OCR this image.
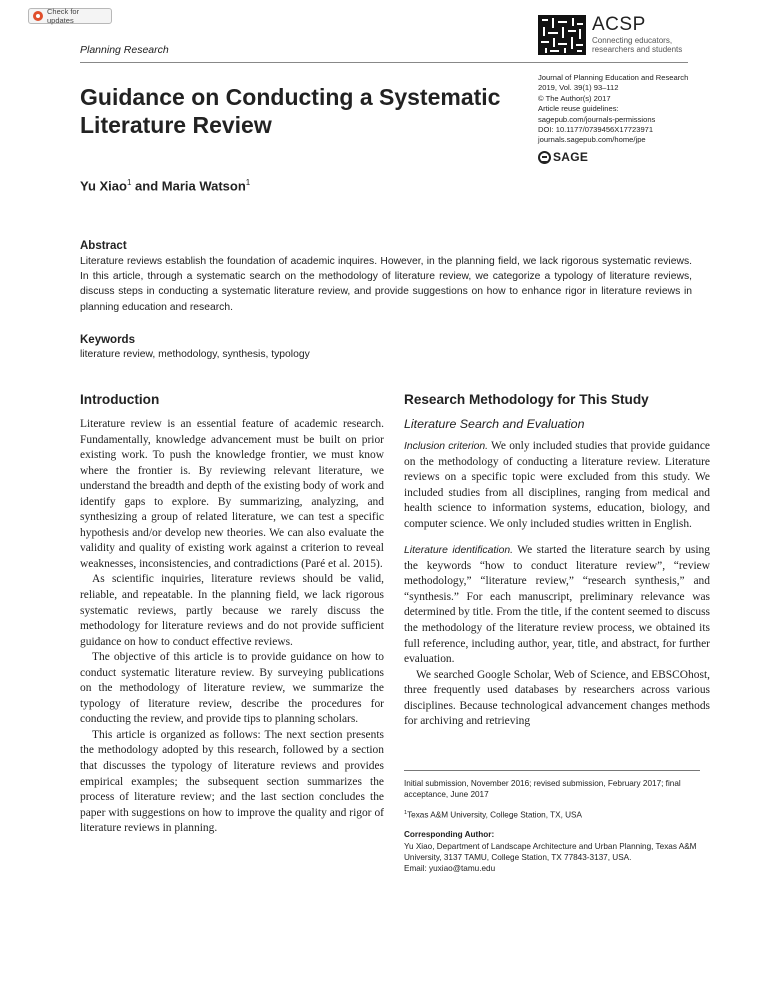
Check for updates
Planning Research
ACSP
Connecting educators,
researchers and students
Journal of Planning Education and Research
2019, Vol. 39(1) 93–112
© The Author(s) 2017
Article reuse guidelines:
sagepub.com/journals-permissions
DOI: 10.1177/0739456X17723971
journals.sagepub.com/home/jpe
SAGE
Guidance on Conducting a Systematic Literature Review
Yu Xiao$^1$ and Maria Watson$^1$
Abstract
Literature reviews establish the foundation of academic inquires. However, in the planning field, we lack rigorous systematic reviews. In this article, through a systematic search on the methodology of literature review, we categorize a typology of literature reviews, discuss steps in conducting a systematic literature review, and provide suggestions on how to enhance rigor in literature reviews in planning education and research.
Keywords
literature review, methodology, synthesis, typology
Introduction

Literature review is an essential feature of academic research. Fundamentally, knowledge advancement must be built on prior existing work. To push the knowledge frontier, we must know where the frontier is. By reviewing relevant literature, we understand the breadth and depth of the existing body of work and identify gaps to explore. By summarizing, analyzing, and synthesizing a group of related literature, we can test a specific hypothesis and/or develop new theories. We can also evaluate the validity and quality of existing work against a criterion to reveal weaknesses, inconsistencies, and contradictions (Paré et al. 2015).

As scientific inquiries, literature reviews should be valid, reliable, and repeatable. In the planning field, we lack rigorous systematic reviews, partly because we rarely discuss the methodology for literature reviews and do not provide sufficient guidance on how to conduct effective reviews.

The objective of this article is to provide guidance on how to conduct systematic literature review. By surveying publications on the methodology of literature review, we summarize the typology of literature review, describe the procedures for conducting the review, and provide tips to planning scholars.

This article is organized as follows: The next section presents the methodology adopted by this research, followed by a section that discusses the typology of literature reviews and provides empirical examples; the subsequent section summarizes the process of literature review; and the last section concludes the paper with suggestions on how to improve the quality and rigor of literature reviews in planning.

Research Methodology for This Study
Literature Search and Evaluation

Inclusion criterion. We only included studies that provide guidance on the methodology of conducting a literature review. Literature reviews on a specific topic were excluded from this study. We included studies from all disciplines, ranging from medical and health science to information systems, education, biology, and computer science. We only included studies written in English.

Literature identification. We started the literature search by using the keywords “how to conduct literature review”, “review methodology,” “literature review,” “research synthesis,” and “synthesis.” For each manuscript, preliminary relevance was determined by title. From the title, if the content seemed to discuss the methodology of the literature review process, we obtained its full reference, including author, year, title, and abstract, for further evaluation.

We searched Google Scholar, Web of Science, and EBSCOhost, three frequently used databases by researchers across various disciplines. Because technological advancement changes methods for archiving and retrieving

Initial submission, November 2016; revised submission, February 2017; final acceptance, June 2017
$^1$Texas A&M University, College Station, TX, USA
Corresponding Author:
Yu Xiao, Department of Landscape Architecture and Urban Planning, Texas A&M University, 3137 TAMU, College Station, TX 77843-3137, USA.
Email: yuxiao@tamu.edu
